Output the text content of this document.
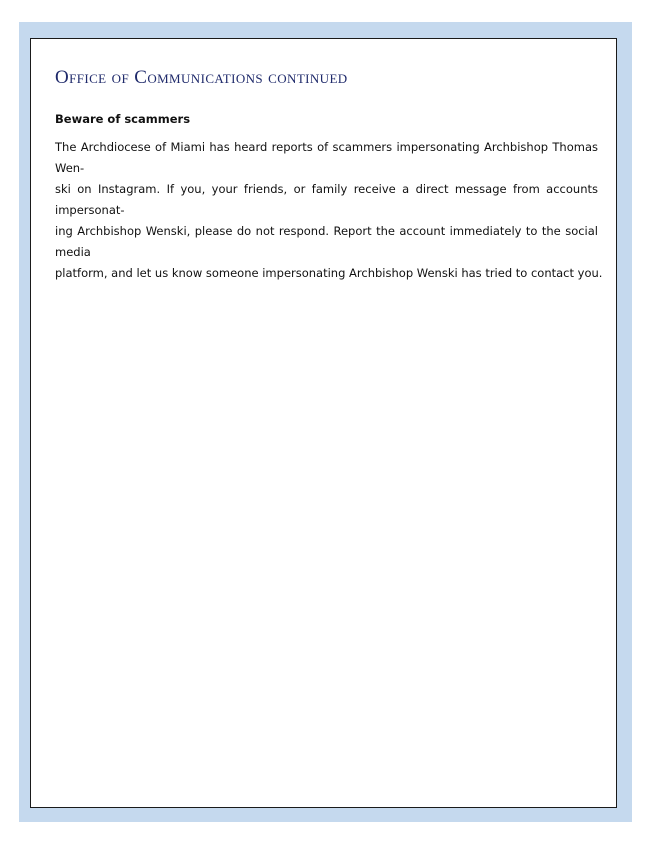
Office of Communications continued
Beware of scammers

The Archdiocese of Miami has heard reports of scammers impersonating Archbishop Thomas Wen-
ski on Instagram. If you, your friends, or family receive a direct message from accounts impersonat-
ing Archbishop Wenski, please do not respond. Report the account immediately to the social media
platform, and let us know someone impersonating Archbishop Wenski has tried to contact you.
